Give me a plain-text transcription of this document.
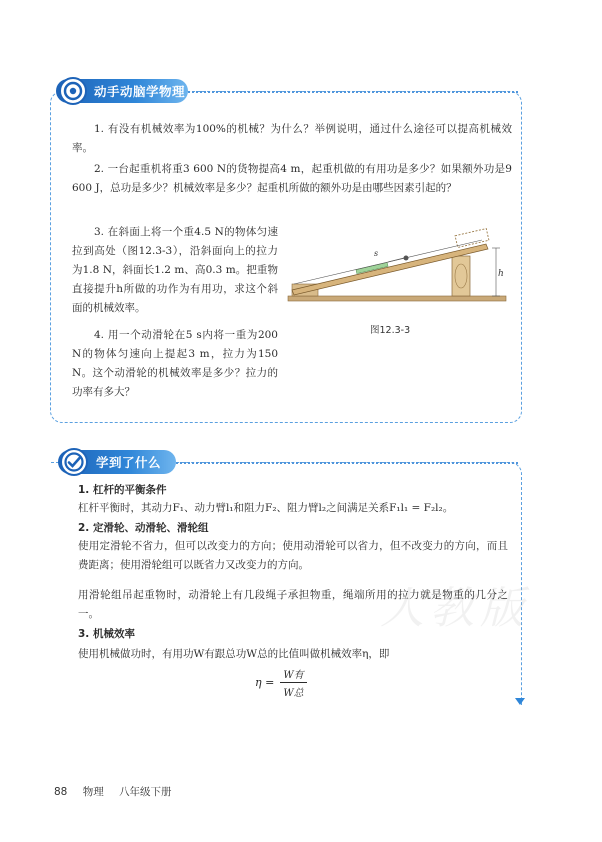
动手动脑学物理
1. 有没有机械效率为100%的机械？为什么？举例说明，通过什么途径可以提高机械效率。
2. 一台起重机将重3 600 N的货物提高4 m，起重机做的有用功是多少？如果额外功是9 600 J，总功是多少？机械效率是多少？起重机所做的额外功是由哪些因素引起的？
3. 在斜面上将一个重4.5 N的物体匀速拉到高处（图12.3-3），沿斜面向上的拉力为1.8 N，斜面长1.2 m、高0.3 m。把重物直接提升h所做的功作为有用功，求这个斜面的机械效率。
4. 用一个动滑轮在5 s内将一重为200 N的物体匀速向上提起3 m，拉力为150 N。这个动滑轮的机械效率是多少？拉力的功率有多大？
s
h
图12.3-3
学到了什么
人教版
1. 杠杆的平衡条件
杠杆平衡时，其动力F₁、动力臂l₁和阻力F₂、阻力臂l₂之间满足关系F₁l₁ = F₂l₂。
2. 定滑轮、动滑轮、滑轮组
使用定滑轮不省力，但可以改变力的方向；使用动滑轮可以省力，但不改变力的方向，而且费距离；使用滑轮组可以既省力又改变力的方向。
用滑轮组吊起重物时，动滑轮上有几段绳子承担物重，绳端所用的拉力就是物重的几分之一。
3. 机械效率
使用机械做功时，有用功W有跟总功W总的比值叫做机械效率η，即
$\eta = \frac{\text{W有}}{\text{W总}}$
88 物理 八年级下册
